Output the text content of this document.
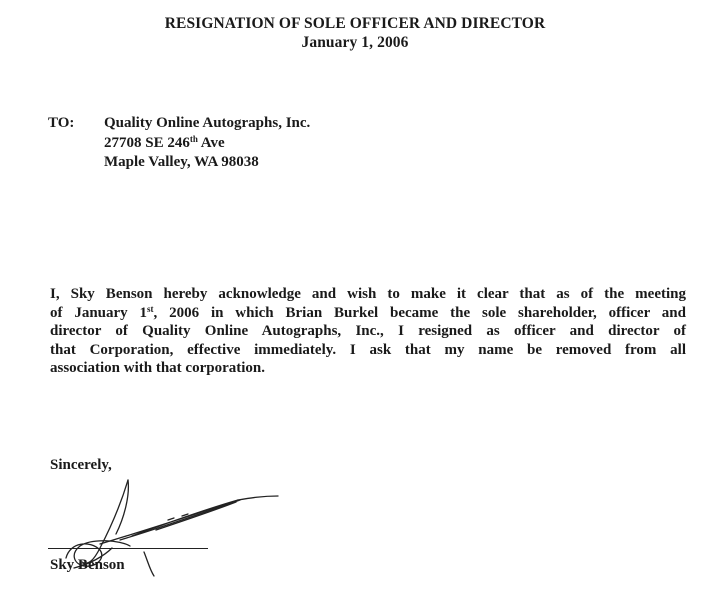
RESIGNATION OF SOLE OFFICER AND DIRECTOR
January 1, 2006
TO: Quality Online Autographs, Inc.
27708 SE 246th Ave
Maple Valley, WA 98038
I, Sky Benson hereby acknowledge and wish to make it clear that as of the meeting
of January 1st, 2006 in which Brian Burkel became the sole shareholder, officer and
director of Quality Online Autographs, Inc., I resigned as officer and director of
that Corporation, effective immediately. I ask that my name be removed from all
association with that corporation.
Sincerely,
Sky Benson
